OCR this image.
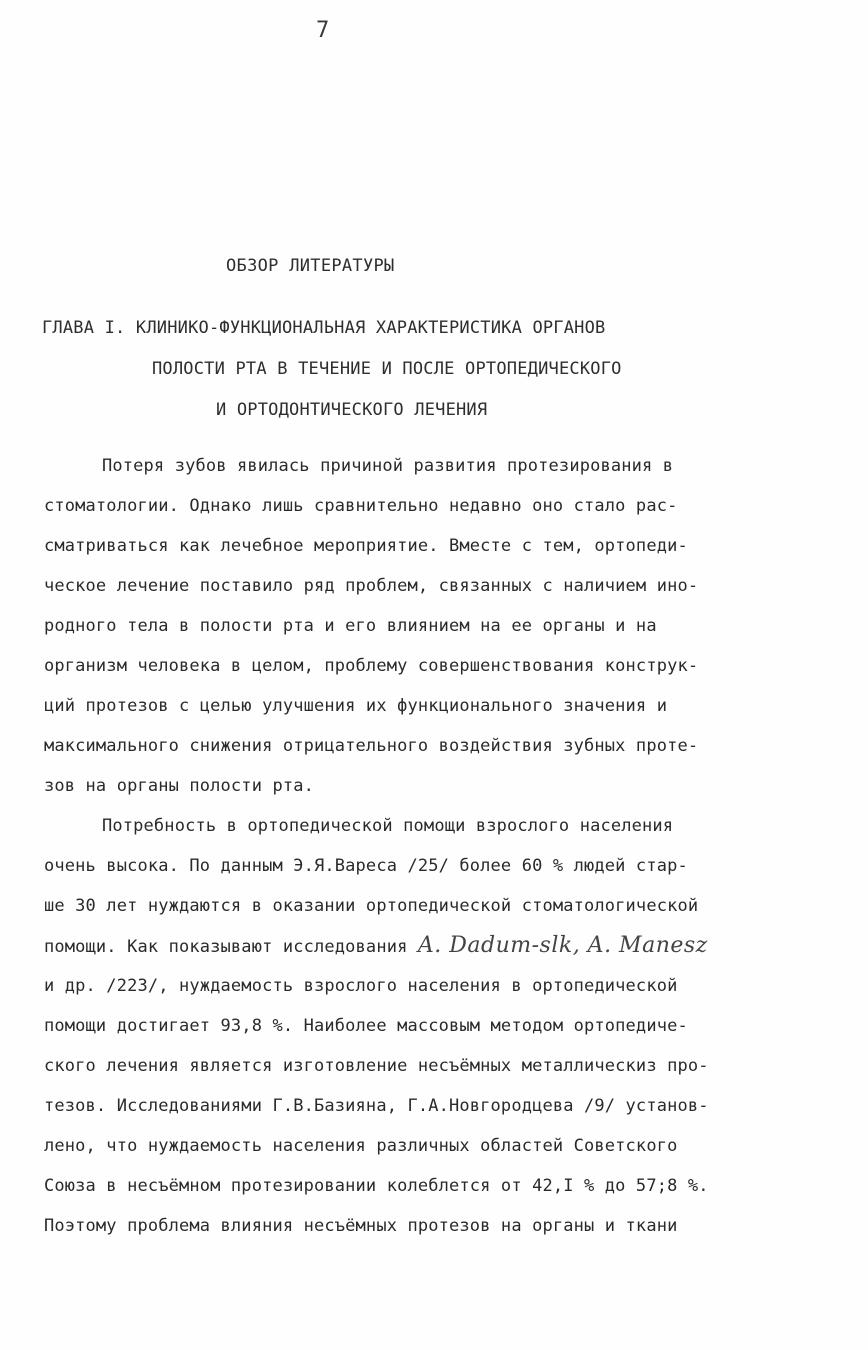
7
ОБЗОР ЛИТЕРАТУРЫ
ГЛАВА I. КЛИНИКО-ФУНКЦИОНАЛЬНАЯ ХАРАКТЕРИСТИКА ОРГАНОВ
ПОЛОСТИ РТА В ТЕЧЕНИЕ И ПОСЛЕ ОРТОПЕДИЧЕСКОГО
И ОРТОДОНТИЧЕСКОГО ЛЕЧЕНИЯ
Потеря зубов явилась причиной развития протезирования в
стоматологии. Однако лишь сравнительно недавно оно стало рас-
сматриваться как лечебное мероприятие. Вместе с тем, ортопеди-
ческое лечение поставило ряд проблем, связанных с наличием ино-
родного тела в полости рта и его влиянием на ее органы и на
организм человека в целом, проблему совершенствования конструк-
ций протезов с целью улучшения их функционального значения и
максимального снижения отрицательного воздействия зубных проте-
зов на органы полости рта.
Потребность в ортопедической помощи взрослого населения
очень высока. По данным Э.Я.Вареса /25/ более 60 % людей стар-
ше 30 лет нуждаются в оказании ортопедической стоматологической
помощи. Как показывают исследования A. Dadum-slk, A. Manesz
и др. /223/, нуждаемость взрослого населения в ортопедической
помощи достигает 93,8 %. Наиболее массовым методом ортопедиче-
ского лечения является изготовление несъёмных металлическиз про-
тезов. Исследованиями Г.В.Базияна, Г.А.Новгородцева /9/ установ-
лено, что нуждаемость населения различных областей Советского
Союза в несъёмном протезировании колеблется от 42,I % до 57;8 %.
Поэтому проблема влияния несъёмных протезов на органы и ткани
